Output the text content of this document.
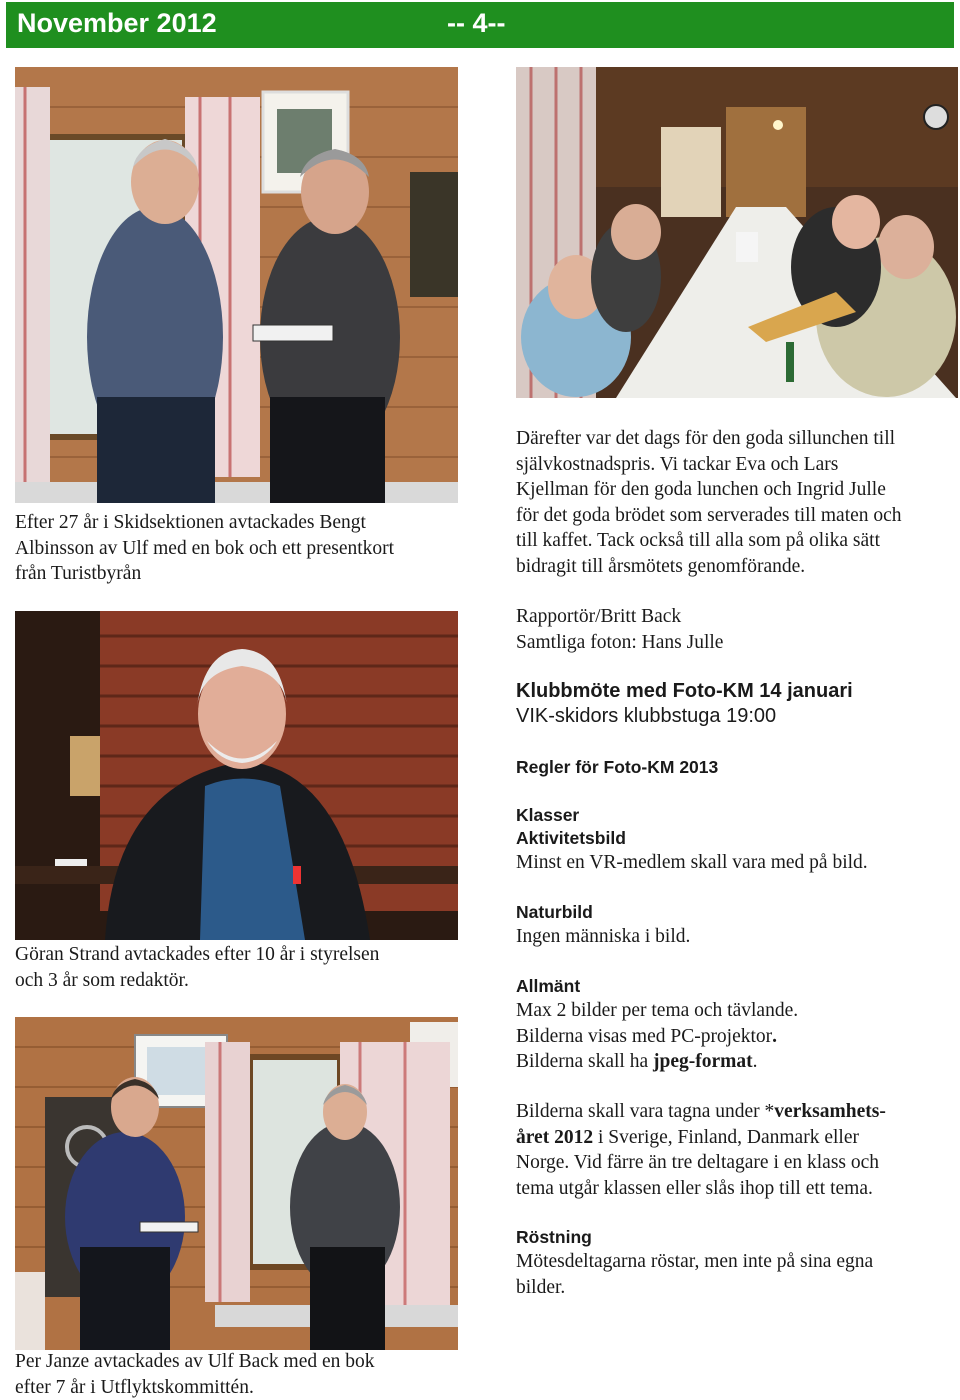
November 2012	-- 4--
Efter 27 år i Skidsektionen avtackades Bengt
Albinsson av Ulf med en bok och ett presentkort
från Turistbyrån
Därefter var det dags för den goda sillunchen till
självkostnadspris. Vi tackar Eva och Lars
Kjellman för den goda lunchen och Ingrid Julle
för det goda brödet som serverades till maten och
till kaffet. Tack också till alla som på olika sätt
bidragit till årsmötets genomförande.
Rapportör/Britt Back
Samtliga foton: Hans Julle
Klubbmöte med Foto-KM 14 januari
VIK-skidors klubbstuga 19:00
Regler för Foto-KM 2013
Klasser
Aktivitetsbild
Minst en VR-medlem skall vara med på bild.
Naturbild
Ingen människa i bild.
Allmänt
Max 2 bilder per tema och tävlande.
Bilderna visas med PC-projektor.
Bilderna skall ha jpeg-format.
Bilderna skall vara tagna under *verksamhets-
året 2012 i Sverige, Finland, Danmark eller
Norge. Vid färre än tre deltagare i en klass och
tema utgår klassen eller slås ihop till ett tema.
Röstning
Mötesdeltagarna röstar, men inte på sina egna
bilder.
Göran Strand avtackades efter 10 år i styrelsen
och 3 år som redaktör.
Per Janze avtackades av Ulf Back med en bok
efter 7 år i Utflyktskommittén.
